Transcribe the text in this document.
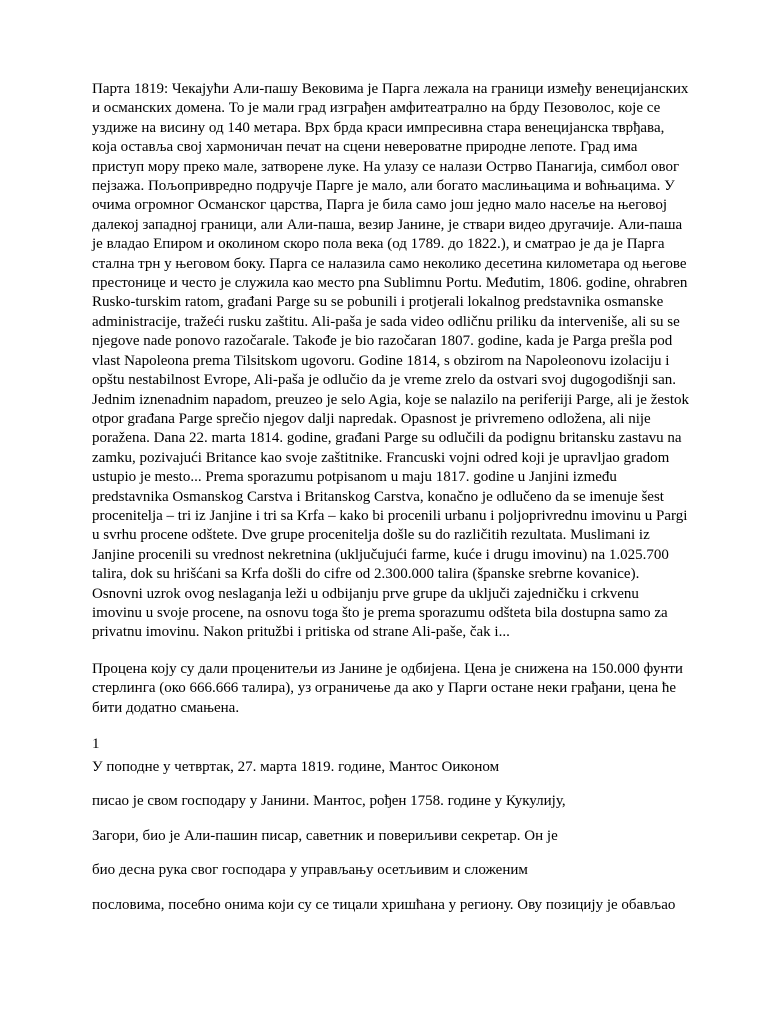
Парта 1819: Чекајући Али-пашу Вековима је Парга лежала на граници између венецијанских и османских домена. То је мали град изграђен амфитеатрално на брду Пезоволос, које се уздиже на висину од 140 метара. Врх брда краси импресивна стара венецијанска тврђава, која оставља свој хармоничан печат на сцени невероватне природне лепоте. Град има приступ мору преко мале, затворене луке. На улазу се налази Острво Панагија, симбол овог пејзажа. Пољопривредно подручје Парге је мало, али богато маслињацима и воћњацима. У очима огромног Османског царства, Парга је била само још једно мало насеље на његовој далекој западној граници, али Али-паша, везир Јанине, је ствари видео другачије. Али-паша је владао Епиром и околином скоро пола века (од 1789. до 1822.), и сматрао је да је Парга стална трн у његовом боку. Парга се налазила само неколико десетина километара од његове престонице и често је служила као место pna Sublimnu Portu. Međutim, 1806. godine, ohrabren Rusko-turskim ratom, građani Parge su se pobunili i protjerali lokalnog predstavnika osmanske administracije, tražeći rusku zaštitu. Ali-paša je sada video odličnu priliku da interveniše, ali su se njegove nade ponovo razočarale. Takođe je bio razočaran 1807. godine, kada je Parga prešla pod vlast Napoleona prema Tilsitskom ugovoru. Godine 1814, s obzirom na Napoleonovu izolaciju i opštu nestabilnost Evrope, Ali-paša je odlučio da je vreme zrelo da ostvari svoj dugogodišnji san. Jednim iznenadnim napadom, preuzeo je selo Agia, koje se nalazilo na periferiji Parge, ali je žestok otpor građana Parge sprečio njegov dalji napredak. Opasnost je privremeno odložena, ali nije poražena. Dana 22. marta 1814. godine, građani Parge su odlučili da podignu britansku zastavu na zamku, pozivajući Britance kao svoje zaštitnike. Francuski vojni odred koji je upravljao gradom ustupio je mesto... Prema sporazumu potpisanom u maju 1817. godine u Janjini između predstavnika Osmanskog Carstva i Britanskog Carstva, konačno je odlučeno da se imenuje šest procenitelja – tri iz Janjine i tri sa Krfa – kako bi procenili urbanu i poljoprivrednu imovinu u Pargi u svrhu procene odštete. Dve grupe procenitelja došle su do različitih rezultata. Muslimani iz Janjine procenili su vrednost nekretnina (uključujući farme, kuće i drugu imovinu) na 1.025.700 talira, dok su hrišćani sa Krfa došli do cifre od 2.300.000 talira (španske srebrne kovanice). Osnovni uzrok ovog neslaganja leži u odbijanju prve grupe da uključi zajedničku i crkvenu imovinu u svoje procene, na osnovu toga što je prema sporazumu odšteta bila dostupna samo za privatnu imovinu. Nakon pritužbi i pritiska od strane Ali-paše, čak i...

Процена коју су дали проценитељи из Јанине је одбијена. Цена је снижена на 150.000 фунти стерлинга (око 666.666 талира), уз ограничење да ако у Парги остане неки грађани, цена ће бити додатно смањена.

1

У поподне у четвртак, 27. марта 1819. године, Мантос Оиконом

писао је свом господару у Јанини. Мантос, рођен 1758. године у Кукулију,

Загори, био је Али-пашин писар, саветник и повериљиви секретар. Он је

био десна рука свог господара у управљању осетљивим и сложеним

пословима, посебно онима који су се тицали хришћана у региону. Ову позицију је обављао
